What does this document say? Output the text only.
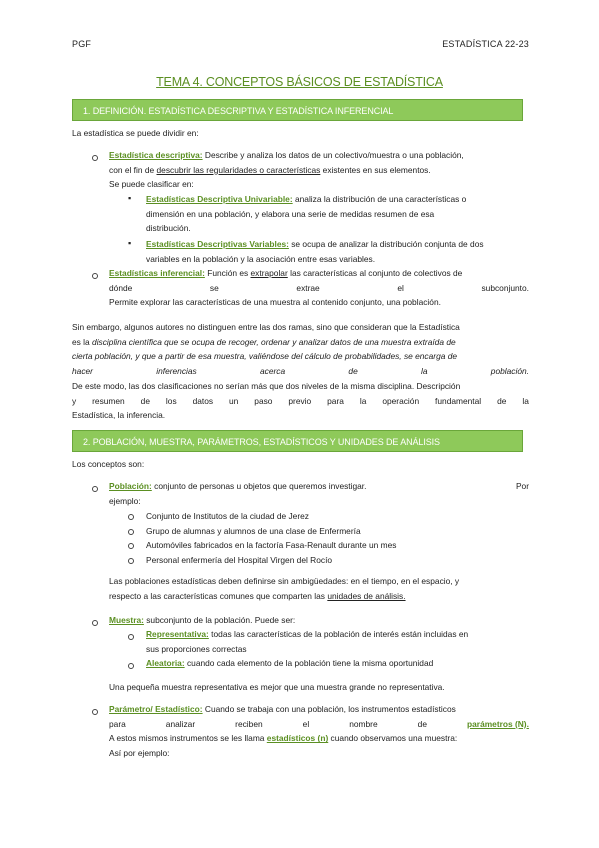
PGF	ESTADÍSTICA 22-23
TEMA 4. CONCEPTOS BÁSICOS DE ESTADÍSTICA
1. DEFINICIÓN. ESTADÍSTICA DESCRIPTIVA Y ESTADÍSTICA INFERENCIAL
La estadística se puede dividir en:
Estadística descriptiva: Describe y analiza los datos de un colectivo/muestra o una población,
con el fin de descubrir las regularidades o características existentes en sus elementos.
Se puede clasificar en:
▪ Estadísticas Descriptiva Univariable: analiza la distribución de una características o
dimensión en una población, y elabora una serie de medidas resumen de esa
distribución.
▪ Estadísticas Descriptivas Variables: se ocupa de analizar la distribución conjunta de dos
variables en la población y la asociación entre esas variables.
Estadísticas inferencial: Función es extrapolar las características al conjunto de colectivos de
dónde	se	extrae	el	subconjunto.
Permite explorar las características de una muestra al contenido conjunto, una población.
Sin embargo, algunos autores no distinguen entre las dos ramas, sino que consideran que la Estadística
es la disciplina científica que se ocupa de recoger, ordenar y analizar datos de una muestra extraída de
cierta población, y que a partir de esa muestra, valiéndose del cálculo de probabilidades, se encarga de
hacer	inferencias	acerca	de	la	población.
De este modo, las dos clasificaciones no serían más que dos niveles de la misma disciplina. Descripción
y resumen de los datos un paso previo para la operación fundamental de la
Estadística, la inferencia.
2. POBLACIÓN, MUESTRA, PARÁMETROS, ESTADÍSTICOS Y UNIDADES DE ANÁLISIS
Los conceptos son:
Población: conjunto de personas u objetos que queremos investigar.	Por
ejemplo:
Conjunto de Institutos de la ciudad de Jerez
Grupo de alumnas y alumnos de una clase de Enfermería
Automóviles fabricados en la factoría Fasa-Renault durante un mes
Personal enfermería del Hospital Virgen del Rocío
Las poblaciones estadísticas deben definirse sin ambigüedades: en el tiempo, en el espacio, y
respecto a las características comunes que comparten las unidades de análisis.
Muestra: subconjunto de la población. Puede ser:
Representativa: todas las características de la población de interés están incluidas en
sus proporciones correctas
Aleatoria: cuando cada elemento de la población tiene la misma oportunidad
Una pequeña muestra representativa es mejor que una muestra grande no representativa.
Parámetro/ Estadístico: Cuando se trabaja con una población, los instrumentos estadísticos
para	analizar	reciben	el	nombre	de	parámetros (N).
A estos mismos instrumentos se les llama estadísticos (n) cuando observamos una muestra:
Así por ejemplo:
